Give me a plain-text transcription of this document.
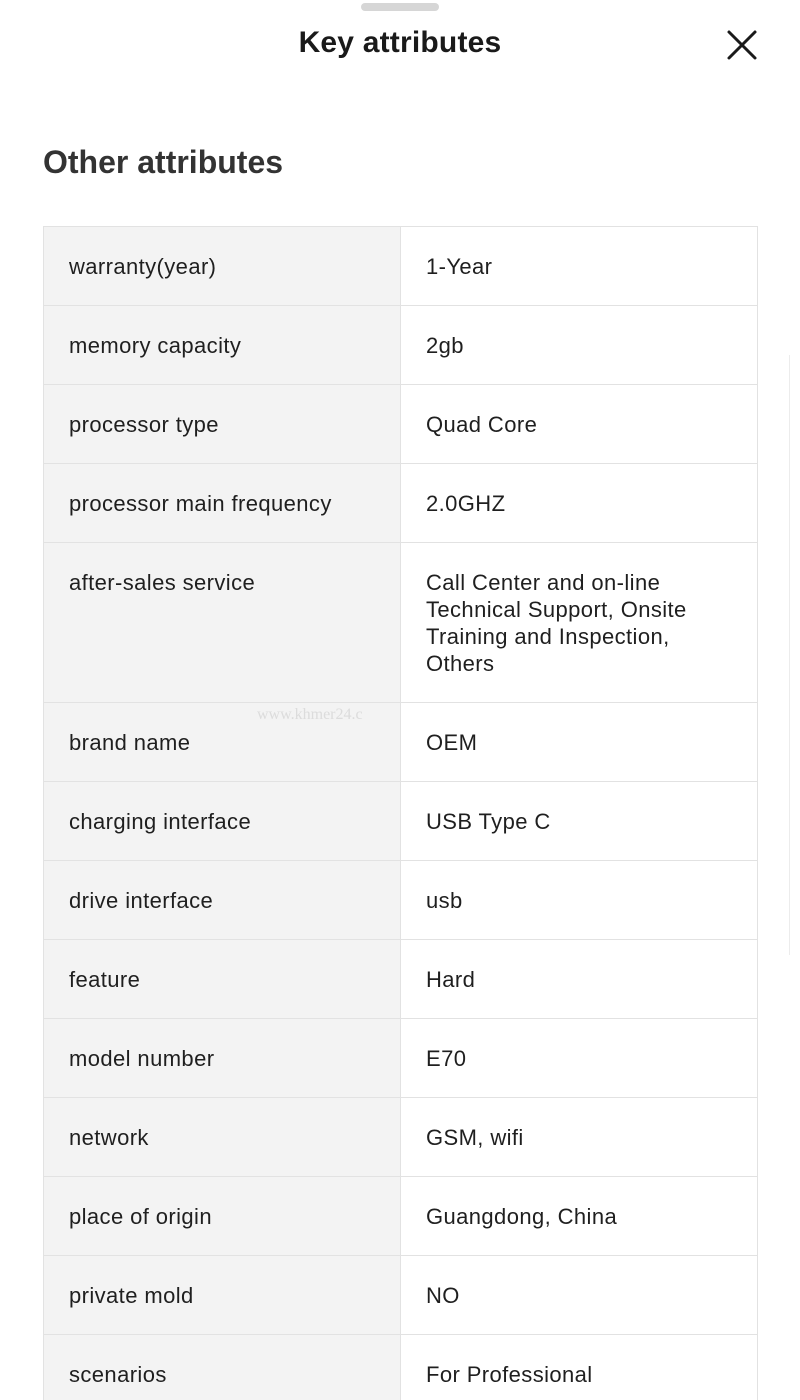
Key attributes
Other attributes
warranty(year)	1-Year
memory capacity	2gb
processor type	Quad Core
processor main frequency	2.0GHZ
after-sales service	Call Center and on-line Technical Support, Onsite Training and Inspection, Others
brand name	OEM
charging interface	USB Type C
drive interface	usb
feature	Hard
model number	E70
network	GSM, wifi
place of origin	Guangdong, China
private mold	NO
scenarios	For Professional
www.khmer24.c
